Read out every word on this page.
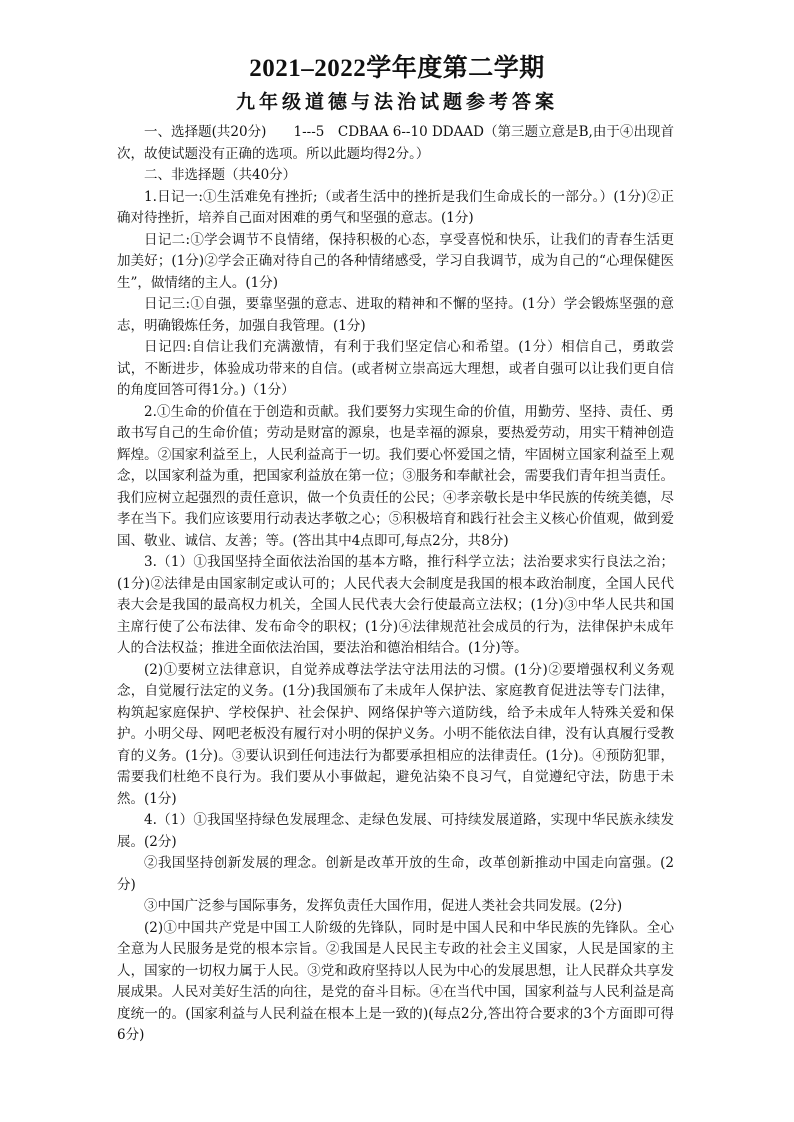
2021–2022学年度第二学期
九年级道德与法治试题参考答案

一、选择题(共20分)　　1---5　CDBAA 6--10 DDAAD（第三题立意是B,由于④出现首次，故使试题没有正确的选项。所以此题均得2分。）

二、非选择题（共40分）

1.日记一:①生活难免有挫折;（或者生活中的挫折是我们生命成长的一部分。）(1分)②正确对待挫折，培养自己面对困难的勇气和坚强的意志。(1分)

日记二:①学会调节不良情绪，保持积极的心态，享受喜悦和快乐，让我们的青春生活更加美好；(1分)②学会正确对待自己的各种情绪感受，学习自我调节，成为自己的“心理保健医生”，做情绪的主人。(1分)

日记三:①自强，要靠坚强的意志、进取的精神和不懈的坚持。(1分）学会锻炼坚强的意志，明确锻炼任务，加强自我管理。(1分)

日记四:自信让我们充满激情，有利于我们坚定信心和希望。(1分）相信自己，勇敢尝试，不断进步，体验成功带来的自信。(或者树立崇高远大理想，或者自强可以让我们更自信的角度回答可得1分。)（1分）

2.①生命的价值在于创造和贡献。我们要努力实现生命的价值，用勤劳、坚持、责任、勇敢书写自己的生命价值；劳动是财富的源泉，也是幸福的源泉，要热爱劳动，用实干精神创造辉煌。②国家利益至上，人民利益高于一切。我们要心怀爱国之情，牢固树立国家利益至上观念，以国家利益为重，把国家利益放在第一位；③服务和奉献社会，需要我们青年担当责任。我们应树立起强烈的责任意识，做一个负责任的公民；④孝亲敬长是中华民族的传统美德，尽孝在当下。我们应该要用行动表达孝敬之心；⑤积极培育和践行社会主义核心价值观，做到爱国、敬业、诚信、友善；等。(答出其中4点即可,每点2分，共8分)

3.（1）①我国坚持全面依法治国的基本方略，推行科学立法；法治要求实行良法之治；(1分)②法律是由国家制定或认可的；人民代表大会制度是我国的根本政治制度，全国人民代表大会是我国的最高权力机关，全国人民代表大会行使最高立法权；(1分)③中华人民共和国主席行使了公布法律、发布命令的职权；(1分)④法律规范社会成员的行为，法律保护未成年人的合法权益；推进全面依法治国，要法治和德治相结合。(1分)等。

(2)①要树立法律意识，自觉养成尊法学法守法用法的习惯。(1分)②要增强权利义务观念，自觉履行法定的义务。(1分)我国颁布了未成年人保护法、家庭教育促进法等专门法律，构筑起家庭保护、学校保护、社会保护、网络保护等六道防线，给予未成年人特殊关爱和保护。小明父母、网吧老板没有履行对小明的保护义务。小明不能依法自律，没有认真履行受教育的义务。(1分)。③要认识到任何违法行为都要承担相应的法律责任。(1分)。④预防犯罪，需要我们杜绝不良行为。我们要从小事做起，避免沾染不良习气，自觉遵纪守法，防患于未然。(1分)

4.（1）①我国坚持绿色发展理念、走绿色发展、可持续发展道路，实现中华民族永续发展。(2分)

②我国坚持创新发展的理念。创新是改革开放的生命，改革创新推动中国走向富强。(2分)

③中国广泛参与国际事务，发挥负责任大国作用，促进人类社会共同发展。(2分)

(2)①中国共产党是中国工人阶级的先锋队，同时是中国人民和中华民族的先锋队。全心全意为人民服务是党的根本宗旨。②我国是人民民主专政的社会主义国家，人民是国家的主人，国家的一切权力属于人民。③党和政府坚持以人民为中心的发展思想，让人民群众共享发展成果。人民对美好生活的向往，是党的奋斗目标。④在当代中国，国家利益与人民利益是高度统一的。(国家利益与人民利益在根本上是一致的)(每点2分,答出符合要求的3个方面即可得6分)
